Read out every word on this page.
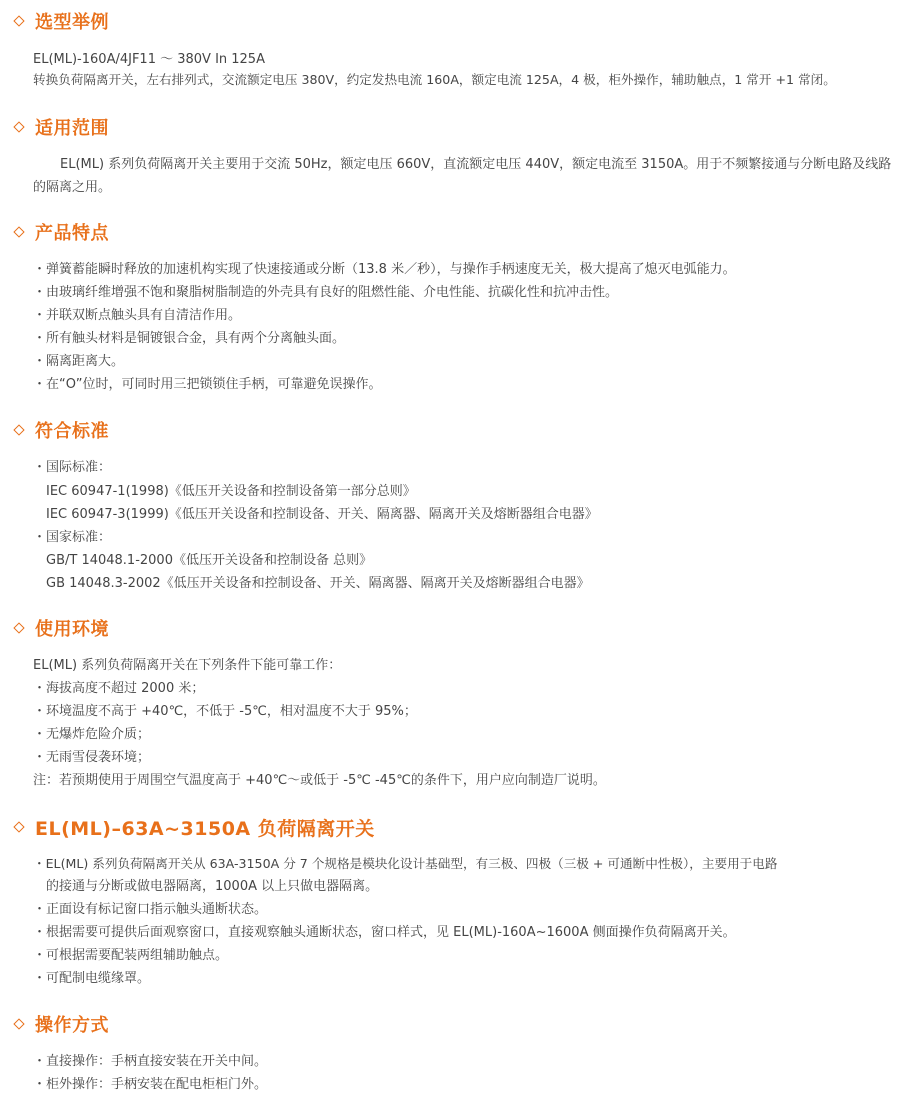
选型举例
EL(ML)-160A/4JF11 ～ 380V In 125A
转换负荷隔离开关，左右排列式，交流额定电压 380V，约定发热电流 160A，额定电流 125A，4 极，柜外操作，辅助触点，1 常开 +1 常闭。
适用范围
EL(ML) 系列负荷隔离开关主要用于交流 50Hz，额定电压 660V，直流额定电压 440V，额定电流至 3150A。用于不频繁接通与分断电路及线路的隔离之用。
产品特点
・弹簧蓄能瞬时释放的加速机构实现了快速接通或分断（13.8 米／秒），与操作手柄速度无关，极大提高了熄灭电弧能力。
・由玻璃纤维增强不饱和聚脂树脂制造的外壳具有良好的阻燃性能、介电性能、抗碳化性和抗冲击性。
・并联双断点触头具有自清洁作用。
・所有触头材料是铜镀银合金，具有两个分离触头面。
・隔离距离大。
・在“O”位时，可同时用三把锁锁住手柄，可靠避免误操作。
符合标准
・国际标准：
IEC 60947-1(1998)《低压开关设备和控制设备第一部分总则》
IEC 60947-3(1999)《低压开关设备和控制设备、开关、隔离器、隔离开关及熔断器组合电器》
・国家标准：
GB/T 14048.1-2000《低压开关设备和控制设备 总则》
GB 14048.3-2002《低压开关设备和控制设备、开关、隔离器、隔离开关及熔断器组合电器》
使用环境
EL(ML) 系列负荷隔离开关在下列条件下能可靠工作：
・海拔高度不超过 2000 米；
・环境温度不高于 +40℃，不低于 -5℃，相对温度不大于 95%；
・无爆炸危险介质；
・无雨雪侵袭环境；
注：若预期使用于周围空气温度高于 +40℃～或低于 -5℃ -45℃的条件下，用户应向制造厂说明。
EL(ML)–63A~3150A 负荷隔离开关
・EL(ML) 系列负荷隔离开关从 63A-3150A 分 7 个规格是模块化设计基础型，有三极、四极（三极 + 可通断中性极），主要用于电路
的接通与分断或做电器隔离，1000A 以上只做电器隔离。
・正面设有标记窗口指示触头通断状态。
・根据需要可提供后面观察窗口，直接观察触头通断状态，窗口样式，见 EL(ML)-160A~1600A 侧面操作负荷隔离开关。
・可根据需要配装两组辅助触点。
・可配制电缆缘罩。
操作方式
・直接操作：手柄直接安装在开关中间。
・柜外操作：手柄安装在配电柜柜门外。
